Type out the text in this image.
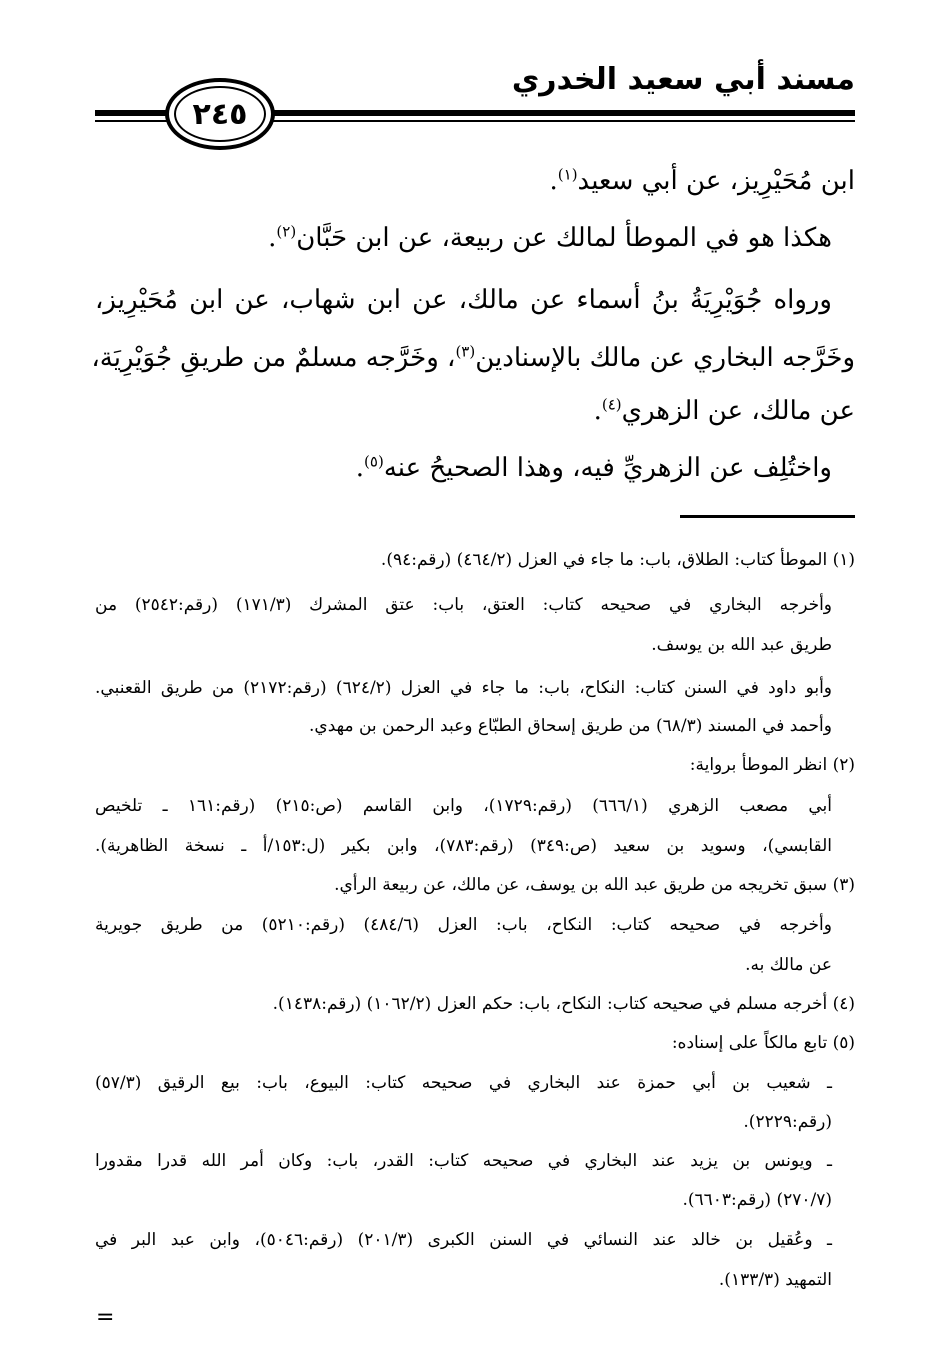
مسند أبي سعيد الخدري
٢٤٥
ابن مُحَيْرِيز، عن أبي سعيد$^{(١)}$.
هكذا هو في الموطأ لمالك عن ربيعة، عن ابن حَبَّان$^{(٢)}$.
ورواه جُوَيْرِيَةُ بنُ أسماء عن مالك، عن ابن شهاب، عن ابن مُحَيْرِيز،
وخَرَّجه البخاري عن مالك بالإسنادين$^{(٣)}$، وخَرَّجه مسلمٌ من طريقِ جُوَيْرِيَة،
عن مالك، عن الزهري$^{(٤)}$.
واختُلِف عن الزهريِّ فيه، وهذا الصحيحُ عنه$^{(٥)}$.
(١) الموطأ كتاب: الطلاق، باب: ما جاء في العزل (٤٦٤/٢) (رقم:٩٤).
وأخرجه البخاري في صحيحه كتاب: العتق، باب: عتق المشرك (١٧١/٣) (رقم:٢٥٤٢) من
طريق عبد الله بن يوسف.
وأبو داود في السنن كتاب: النكاح، باب: ما جاء في العزل (٦٢٤/٢) (رقم:٢١٧٢) من طريق القعنبي.
وأحمد في المسند (٦٨/٣) من طريق إسحاق الطبّاع وعبد الرحمن بن مهدي.
(٢) انظر الموطأ برواية:
أبي مصعب الزهري (٦٦٦/١) (رقم:١٧٢٩)، وابن القاسم (ص:٢١٥) (رقم:١٦١ ـ تلخيص
القابسي)، وسويد بن سعيد (ص:٣٤٩) (رقم:٧٨٣)، وابن بكير (ل:١٥٣/أ ـ نسخة الظاهرية).
(٣) سبق تخريجه من طريق عبد الله بن يوسف، عن مالك، عن ربيعة الرأي.
وأخرجه في صحيحه كتاب: النكاح، باب: العزل (٤٨٤/٦) (رقم:٥٢١٠) من طريق جويرية
عن مالك به.
(٤) أخرجه مسلم في صحيحه كتاب: النكاح، باب: حكم العزل (١٠٦٢/٢) (رقم:١٤٣٨).
(٥) تابع مالكاً على إسناده:
ـ شعيب بن أبي حمزة عند البخاري في صحيحه كتاب: البيوع، باب: بيع الرقيق (٥٧/٣)
(رقم:٢٢٢٩).
ـ ويونس بن يزيد عند البخاري في صحيحه كتاب: القدر، باب: وكان أمر الله قدرا مقدورا
(٢٧٠/٧) (رقم:٦٦٠٣).
ـ وعُقيل بن خالد عند النسائي في السنن الكبرى (٢٠١/٣) (رقم:٥٠٤٦)، وابن عبد البر في
التمهيد (١٣٣/٣).
=
